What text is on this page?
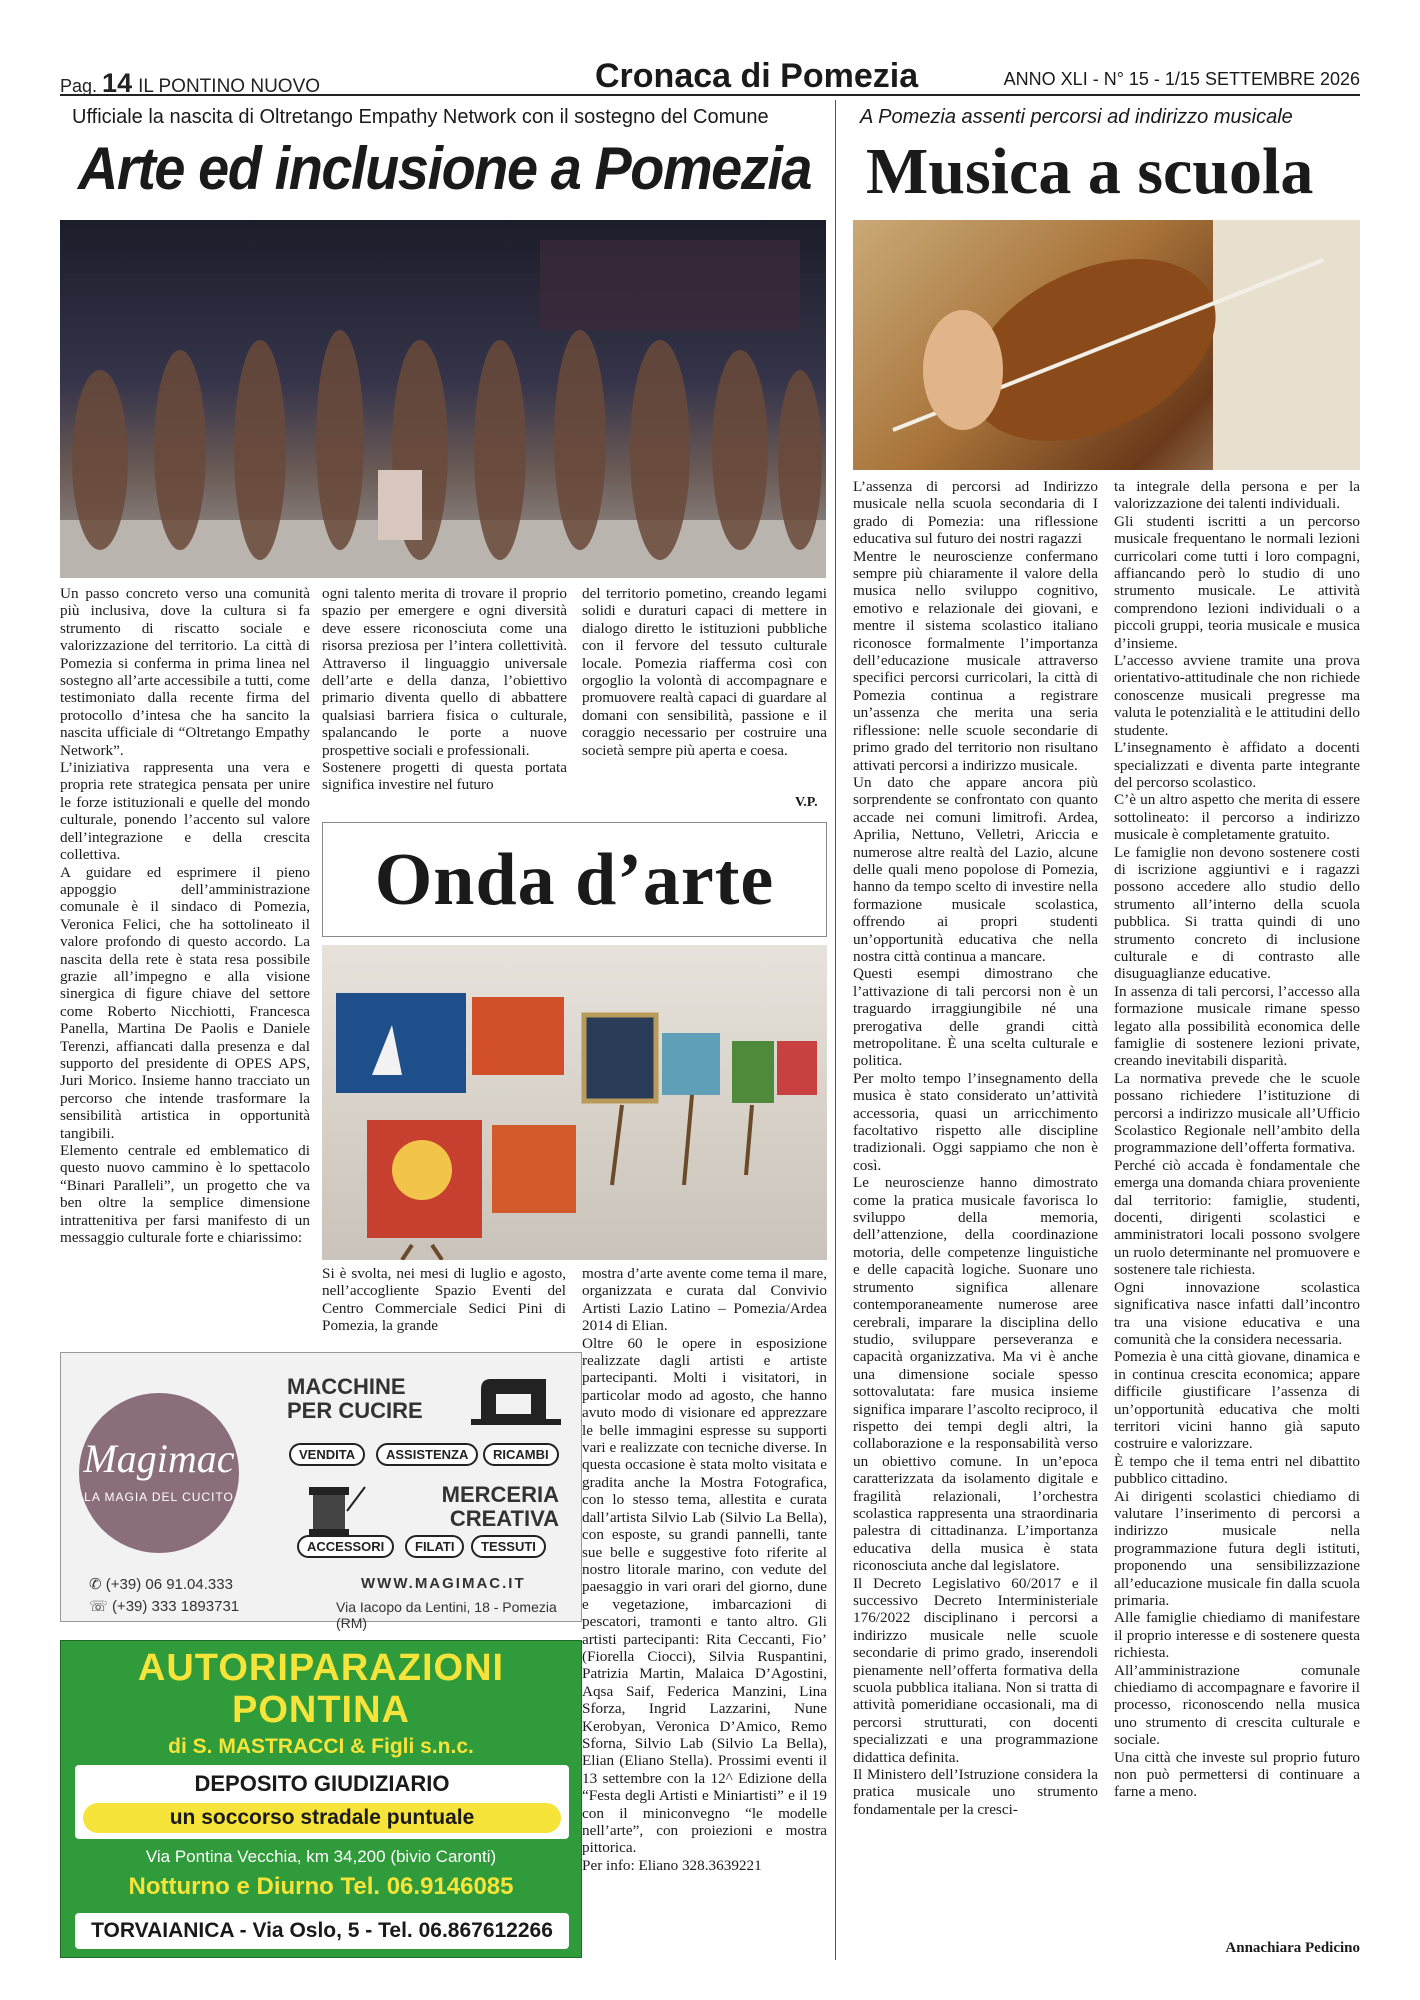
Pag. 14 IL PONTINO NUOVO	Cronaca di Pomezia	ANNO XLI - N° 15 - 1/15 SETTEMBRE 2026
Ufficiale la nascita di Oltretango Empathy Network con il sostegno del Comune
Arte ed inclusione a Pomezia

Un passo concreto verso una comunità più inclusiva, dove la cultura si fa strumento di riscatto sociale e valorizzazione del territorio. La città di Pomezia si conferma in prima linea nel sostegno all’arte accessibile a tutti, come testimoniato dalla recente firma del protocollo d’intesa che ha sancito la nascita ufficiale di “Oltretango Empathy Network”.

L’iniziativa rappresenta una vera e propria rete strategica pensata per unire le forze istituzionali e quelle del mondo culturale, ponendo l’accento sul valore dell’integrazione e della crescita collettiva.

A guidare ed esprimere il pieno appoggio dell’amministrazione comunale è il sindaco di Pomezia, Veronica Felici, che ha sottolineato il valore profondo di questo accordo. La nascita della rete è stata resa possibile grazie all’impegno e alla visione sinergica di figure chiave del settore come Roberto Nicchiotti, Francesca Panella, Martina De Paolis e Daniele Terenzi, affiancati dalla presenza e dal supporto del presidente di OPES APS, Juri Morico. Insieme hanno tracciato un percorso che intende trasformare la sensibilità artistica in opportunità tangibili.

Elemento centrale ed emblematico di questo nuovo cammino è lo spettacolo “Binari Paralleli”, un progetto che va ben oltre la semplice dimensione intrattenitiva per farsi manifesto di un messaggio culturale forte e chiarissimo:

ogni talento merita di trovare il proprio spazio per emergere e ogni diversità deve essere riconosciuta come una risorsa preziosa per l’intera collettività. Attraverso il linguaggio universale dell’arte e della danza, l’obiettivo primario diventa quello di abbattere qualsiasi barriera fisica o culturale, spalancando le porte a nuove prospettive sociali e professionali.

Sostenere progetti di questa portata significa investire nel futuro

del territorio pometino, creando legami solidi e duraturi capaci di mettere in dialogo diretto le istituzioni pubbliche con il fervore del tessuto culturale locale. Pomezia riafferma così con orgoglio la volontà di accompagnare e promuovere realtà capaci di guardare al domani con sensibilità, passione e il coraggio necessario per costruire una società sempre più aperta e coesa.

V.P.
Onda d’arte

Si è svolta, nei mesi di luglio e agosto, nell’accogliente Spazio Eventi del Centro Commerciale Sedici Pini di Pomezia, la grande

mostra d’arte avente come tema il mare, organizzata e curata dal Convivio Artisti Lazio Latino – Pomezia/Ardea 2014 di Elian.

Oltre 60 le opere in esposizione realizzate dagli artisti e artiste partecipanti. Molti i visitatori, in particolar modo ad agosto, che hanno avuto modo di visionare ed apprezzare le belle immagini espresse su supporti vari e realizzate con tecniche diverse. In questa occasione è stata molto visitata e gradita anche la Mostra Fotografica, con lo stesso tema, allestita e curata dall’artista Silvio Lab (Silvio La Bella), con esposte, su grandi pannelli, tante sue belle e suggestive foto riferite al nostro litorale marino, con vedute del paesaggio in vari orari del giorno, dune e vegetazione, imbarcazioni di pescatori, tramonti e tanto altro. Gli artisti partecipanti: Rita Ceccanti, Fio’ (Fiorella Ciocci), Silvia Ruspantini, Patrizia Martin, Malaica D’Agostini, Aqsa Saif, Federica Manzini, Lina Sforza, Ingrid Lazzarini, Nune Kerobyan, Veronica D’Amico, Remo Sforna, Silvio Lab (Silvio La Bella), Elian (Eliano Stella). Prossimi eventi il 13 settembre con la 12^ Edizione della “Festa degli Artisti e Miniartisti” e il 19 con il miniconvegno “le modelle nell’arte”, con proiezioni e mostra pittorica.

Per info: Eliano 328.3639221

A Pomezia assenti percorsi ad indirizzo musicale
Musica a scuola

L’assenza di percorsi ad Indirizzo musicale nella scuola secondaria di I grado di Pomezia: una riflessione educativa sul futuro dei nostri ragazzi

Mentre le neuroscienze confermano sempre più chiaramente il valore della musica nello sviluppo cognitivo, emotivo e relazionale dei giovani, e mentre il sistema scolastico italiano riconosce formalmente l’importanza dell’educazione musicale attraverso specifici percorsi curricolari, la città di Pomezia continua a registrare un’assenza che merita una seria riflessione: nelle scuole secondarie di primo grado del territorio non risultano attivati percorsi a indirizzo musicale.

Un dato che appare ancora più sorprendente se confrontato con quanto accade nei comuni limitrofi. Ardea, Aprilia, Nettuno, Velletri, Ariccia e numerose altre realtà del Lazio, alcune delle quali meno popolose di Pomezia, hanno da tempo scelto di investire nella formazione musicale scolastica, offrendo ai propri studenti un’opportunità educativa che nella nostra città continua a mancare.

Questi esempi dimostrano che l’attivazione di tali percorsi non è un traguardo irraggiungibile né una prerogativa delle grandi città metropolitane. È una scelta culturale e politica.

Per molto tempo l’insegnamento della musica è stato considerato un’attività accessoria, quasi un arricchimento facoltativo rispetto alle discipline tradizionali. Oggi sappiamo che non è così.

Le neuroscienze hanno dimostrato come la pratica musicale favorisca lo sviluppo della memoria, dell’attenzione, della coordinazione motoria, delle competenze linguistiche e delle capacità logiche. Suonare uno strumento significa allenare contemporaneamente numerose aree cerebrali, imparare la disciplina dello studio, sviluppare perseveranza e capacità organizzativa. Ma vi è anche una dimensione sociale spesso sottovalutata: fare musica insieme significa imparare l’ascolto reciproco, il rispetto dei tempi degli altri, la collaborazione e la responsabilità verso un obiettivo comune. In un’epoca caratterizzata da isolamento digitale e fragilità relazionali, l’orchestra scolastica rappresenta una straordinaria palestra di cittadinanza. L’importanza educativa della musica è stata riconosciuta anche dal legislatore.

Il Decreto Legislativo 60/2017 e il successivo Decreto Interministeriale 176/2022 disciplinano i percorsi a indirizzo musicale nelle scuole secondarie di primo grado, inserendoli pienamente nell’offerta formativa della scuola pubblica italiana. Non si tratta di attività pomeridiane occasionali, ma di percorsi strutturati, con docenti specializzati e una programmazione didattica definita.

Il Ministero dell’Istruzione considera la pratica musicale uno strumento fondamentale per la cresci-

ta integrale della persona e per la valorizzazione dei talenti individuali.

Gli studenti iscritti a un percorso musicale frequentano le normali lezioni curricolari come tutti i loro compagni, affiancando però lo studio di uno strumento musicale. Le attività comprendono lezioni individuali o a piccoli gruppi, teoria musicale e musica d’insieme.

L’accesso avviene tramite una prova orientativo-attitudinale che non richiede conoscenze musicali pregresse ma valuta le potenzialità e le attitudini dello studente.

L’insegnamento è affidato a docenti specializzati e diventa parte integrante del percorso scolastico.

C’è un altro aspetto che merita di essere sottolineato: il percorso a indirizzo musicale è completamente gratuito.

Le famiglie non devono sostenere costi di iscrizione aggiuntivi e i ragazzi possono accedere allo studio dello strumento all’interno della scuola pubblica. Si tratta quindi di uno strumento concreto di inclusione culturale e di contrasto alle disuguaglianze educative.

In assenza di tali percorsi, l’accesso alla formazione musicale rimane spesso legato alla possibilità economica delle famiglie di sostenere lezioni private, creando inevitabili disparità.

La normativa prevede che le scuole possano richiedere l’istituzione di percorsi a indirizzo musicale all’Ufficio Scolastico Regionale nell’ambito della programmazione dell’offerta formativa.

Perché ciò accada è fondamentale che emerga una domanda chiara proveniente dal territorio: famiglie, studenti, docenti, dirigenti scolastici e amministratori locali possono svolgere un ruolo determinante nel promuovere e sostenere tale richiesta.

Ogni innovazione scolastica significativa nasce infatti dall’incontro tra una visione educativa e una comunità che la considera necessaria.

Pomezia è una città giovane, dinamica e in continua crescita economica; appare difficile giustificare l’assenza di un’opportunità educativa che molti territori vicini hanno già saputo costruire e valorizzare.

È tempo che il tema entri nel dibattito pubblico cittadino.

Ai dirigenti scolastici chiediamo di valutare l’inserimento di percorsi a indirizzo musicale nella programmazione futura degli istituti, proponendo una sensibilizzazione all’educazione musicale fin dalla scuola primaria.

Alle famiglie chiediamo di manifestare il proprio interesse e di sostenere questa richiesta.

All’amministrazione comunale chiediamo di accompagnare e favorire il processo, riconoscendo nella musica uno strumento di crescita culturale e sociale.

Una città che investe sul proprio futuro non può permettersi di continuare a farne a meno.

Annachiara Pedicino
Magimac
LA MAGIA DEL CUCITO
MACCHINE
PER CUCIRE
VENDITA	ASSISTENZA	RICAMBI
MERCERIA
CREATIVA
ACCESSORI	FILATI	TESSUTI
✆ (+39) 06 91.04.333
☏ (+39) 333 1893731
WWW.MAGIMAC.IT
Via Iacopo da Lentini, 18 - Pomezia (RM)
AUTORIPARAZIONI
PONTINA
di S. MASTRACCI & Figli s.n.c.
DEPOSITO GIUDIZIARIO
un soccorso stradale puntuale
Via Pontina Vecchia, km 34,200 (bivio Caronti)
Notturno e Diurno Tel. 06.9146085
TORVAIANICA - Via Oslo, 5 - Tel. 06.867612266
